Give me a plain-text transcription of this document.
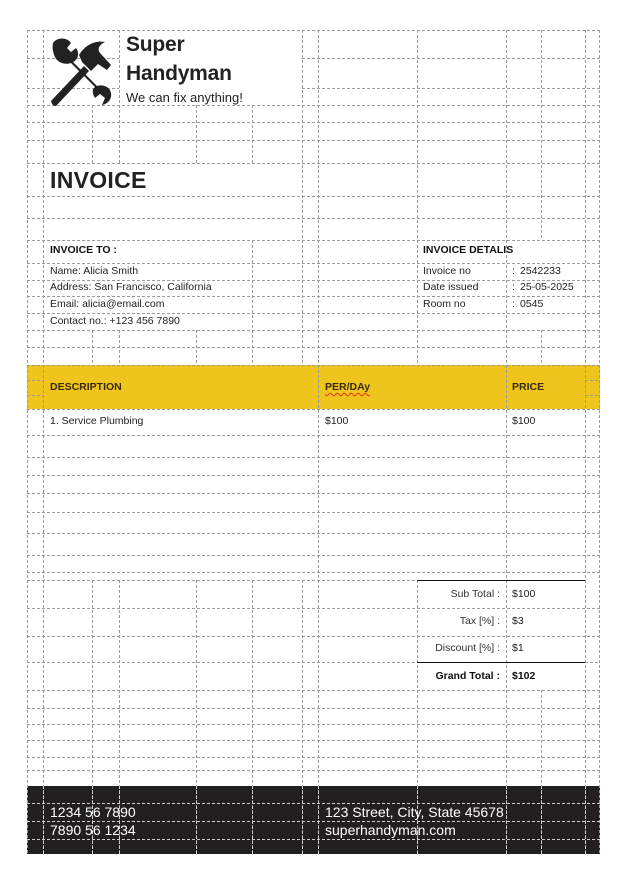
Super
Handyman
We can fix anything!
INVOICE
INVOICE TO :
Name: Alicia Smith
Address: San Francisco, California
Email: alicia@email.com
Contact no.: +123 456 7890
INVOICE DETALIS
Invoice no	: 2542233
Date issued	: 25-05-2025
Room no	: 0545
DESCRIPTION	PER/DAy	PRICE
1. Service Plumbing	$100	$100
Sub Total : $100
Tax [%] : $3
Discount [%] : $1
Grand Total : $102
1234 56 7890
7890 56 1234
123 Street, City, State 45678
superhandyman.com
